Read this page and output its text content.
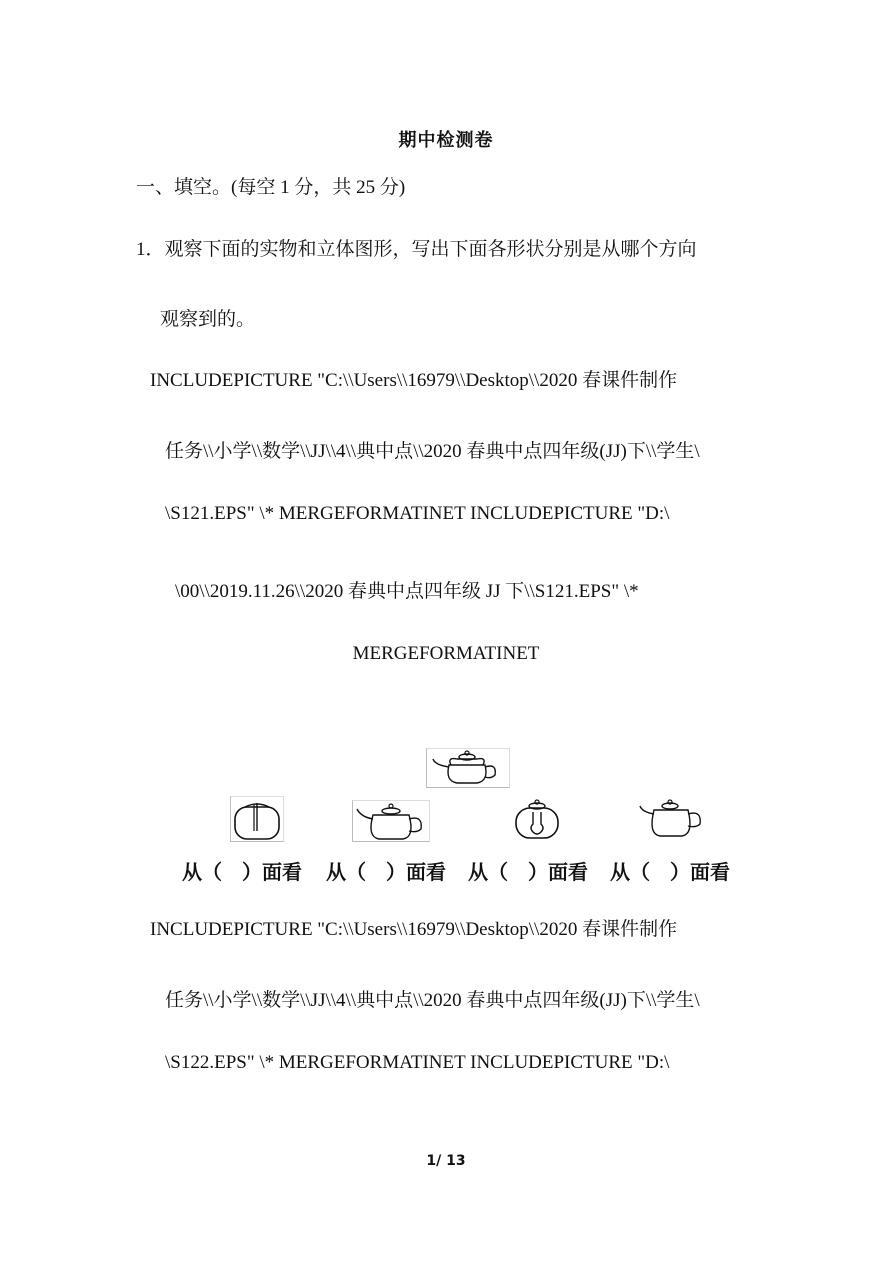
期中检测卷
一、填空。(每空 1 分，共 25 分)
1．观察下面的实物和立体图形，写出下面各形状分别是从哪个方向
观察到的。
INCLUDEPICTURE "C:\\Users\\16979\\Desktop\\2020 春课件制作
任务\\小学\\数学\\JJ\\4\\典中点\\2020 春典中点四年级(JJ)下\\学生\
\S121.EPS" \* MERGEFORMATINET INCLUDEPICTURE "D:\
\00\\2019.11.26\\2020 春典中点四年级 JJ 下\\S121.EPS" \*
MERGEFORMATINET
从（　）面看 从（　）面看 从（　）面看 从（　）面看
INCLUDEPICTURE "C:\\Users\\16979\\Desktop\\2020 春课件制作
任务\\小学\\数学\\JJ\\4\\典中点\\2020 春典中点四年级(JJ)下\\学生\
\S122.EPS" \* MERGEFORMATINET INCLUDEPICTURE "D:\
1/ 13
